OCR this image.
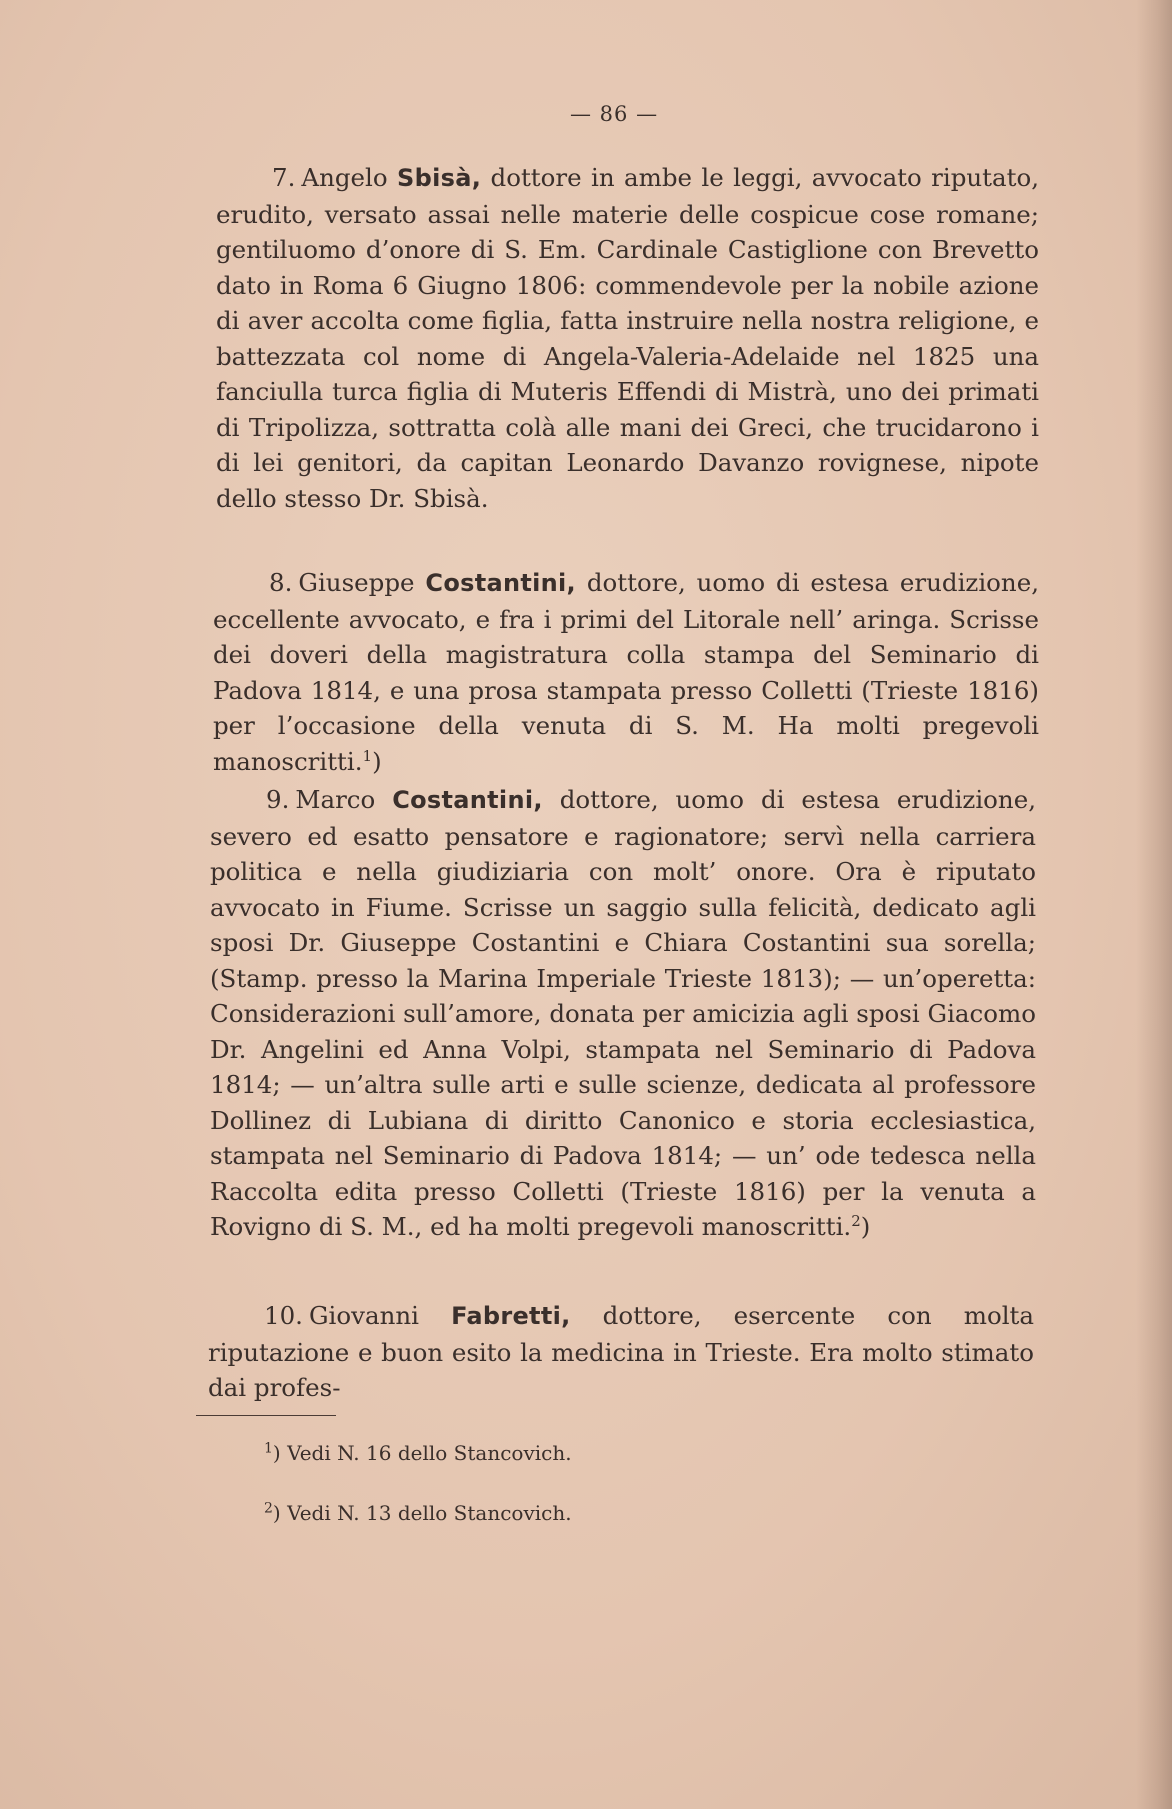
— 86 —

7. Angelo Sbisà, dottore in ambe le leggi, avvocato riputato, erudito, versato assai nelle materie delle cospicue cose romane; gentiluomo d’onore di S. Em. Cardinale Castiglione con Brevetto dato in Roma 6 Giugno 1806: commendevole per la nobile azione di aver accolta come figlia, fatta instruire nella nostra religione, e battezzata col nome di Angela-Valeria-Adelaide nel 1825 una fanciulla turca figlia di Muteris Effendi di Mistrà, uno dei primati di Tripolizza, sottratta colà alle mani dei Greci, che trucidarono i di lei genitori, da capitan Leonardo Davanzo rovignese, nipote dello stesso Dr. Sbisà.

8. Giuseppe Costantini, dottore, uomo di estesa erudizione, eccellente avvocato, e fra i primi del Litorale nell’ aringa. Scrisse dei doveri della magistratura colla stampa del Seminario di Padova 1814, e una prosa stampata presso Colletti (Trieste 1816) per l’occasione della venuta di S. M. Ha molti pregevoli manoscritti.$^1$)

9. Marco Costantini, dottore, uomo di estesa erudizione, severo ed esatto pensatore e ragionatore; servì nella carriera politica e nella giudiziaria con molt’ onore. Ora è riputato avvocato in Fiume. Scrisse un saggio sulla felicità, dedicato agli sposi Dr. Giuseppe Costantini e Chiara Costantini sua sorella; (Stamp. presso la Marina Imperiale Trieste 1813); — un’operetta: Considerazioni sull’amore, donata per amicizia agli sposi Giacomo Dr. Angelini ed Anna Volpi, stampata nel Seminario di Padova 1814; — un’altra sulle arti e sulle scienze, dedicata al professore Dollinez di Lubiana di diritto Canonico e storia ecclesiastica, stampata nel Seminario di Padova 1814; — un’ ode tedesca nella Raccolta edita presso Colletti (Trieste 1816) per la venuta a Rovigno di S. M., ed ha molti pregevoli manoscritti.$^2$)

10. Giovanni Fabretti, dottore, esercente con molta riputazione e buon esito la medicina in Trieste. Era molto stimato dai profes-

$^1$) Vedi N. 16 dello Stancovich.

$^2$) Vedi N. 13 dello Stancovich.
